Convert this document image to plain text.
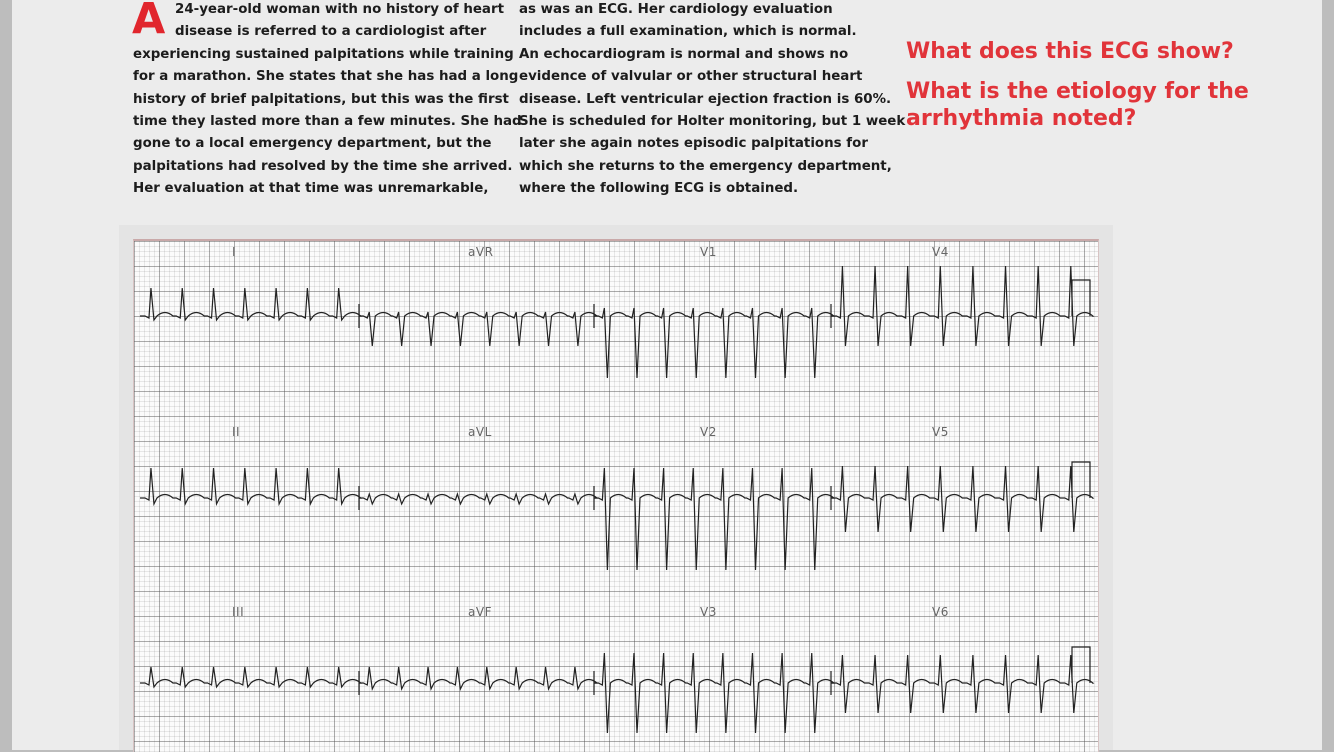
A 24-year-old woman with no history of heart
disease is referred to a cardiologist after
experiencing sustained palpitations while training
for a marathon. She states that she has had a long
history of brief palpitations, but this was the first
time they lasted more than a few minutes. She had
gone to a local emergency department, but the
palpitations had resolved by the time she arrived.
Her evaluation at that time was unremarkable,
as was an ECG. Her cardiology evaluation
includes a full examination, which is normal.
An echocardiogram is normal and shows no
evidence of valvular or other structural heart
disease. Left ventricular ejection fraction is 60%.
She is scheduled for Holter monitoring, but 1 week
later she again notes episodic palpitations for
which she returns to the emergency department,
where the following ECG is obtained.
What does this ECG show?
What is the etiology for the
arrhythmia noted?
I	aVR	V1	V4
II	aVL	V2	V5
III	aVF	V3	V6
